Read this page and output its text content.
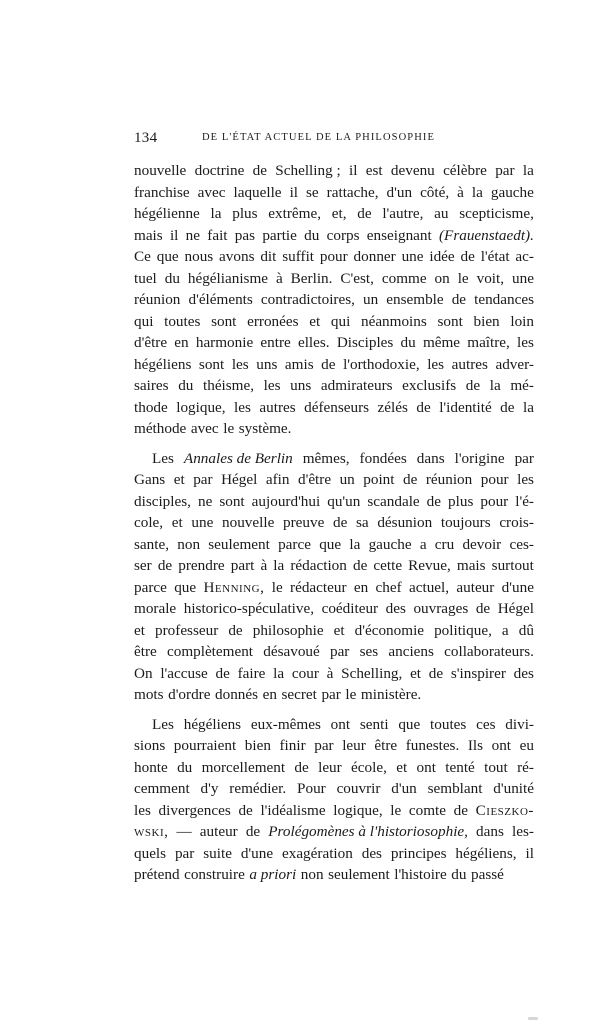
134	DE L'ÉTAT ACTUEL DE LA PHILOSOPHIE
nouvelle doctrine de Schelling ; il est devenu célèbre par la
franchise avec laquelle il se rattache, d'un côté, à la gauche
hégélienne la plus extrême, et, de l'autre, au scepticisme,
mais il ne fait pas partie du corps enseignant (Frauenstaedt).
Ce que nous avons dit suffit pour donner une idée de l'état ac-
tuel du hégélianisme à Berlin. C'est, comme on le voit, une
réunion d'éléments contradictoires, un ensemble de tendances
qui toutes sont erronées et qui néanmoins sont bien loin
d'être en harmonie entre elles. Disciples du même maître, les
hégéliens sont les uns amis de l'orthodoxie, les autres adver-
saires du théisme, les uns admirateurs exclusifs de la mé-
thode logique, les autres défenseurs zélés de l'identité de la
méthode avec le système.
Les Annales de Berlin mêmes, fondées dans l'origine par
Gans et par Hégel afin d'être un point de réunion pour les
disciples, ne sont aujourd'hui qu'un scandale de plus pour l'é-
cole, et une nouvelle preuve de sa désunion toujours crois-
sante, non seulement parce que la gauche a cru devoir ces-
ser de prendre part à la rédaction de cette Revue, mais surtout
parce que Henning, le rédacteur en chef actuel, auteur d'une
morale historico-spéculative, coéditeur des ouvrages de Hégel
et professeur de philosophie et d'économie politique, a dû
être complètement désavoué par ses anciens collaborateurs.
On l'accuse de faire la cour à Schelling, et de s'inspirer des
mots d'ordre donnés en secret par le ministère.
Les hégéliens eux-mêmes ont senti que toutes ces divi-
sions pourraient bien finir par leur être funestes. Ils ont eu
honte du morcellement de leur école, et ont tenté tout ré-
cemment d'y remédier. Pour couvrir d'un semblant d'unité
les divergences de l'idéalisme logique, le comte de Cieszko-
wski, — auteur de Prolégomènes à l'historiosophie, dans les-
quels par suite d'une exagération des principes hégéliens, il
prétend construire a priori non seulement l'histoire du passé
